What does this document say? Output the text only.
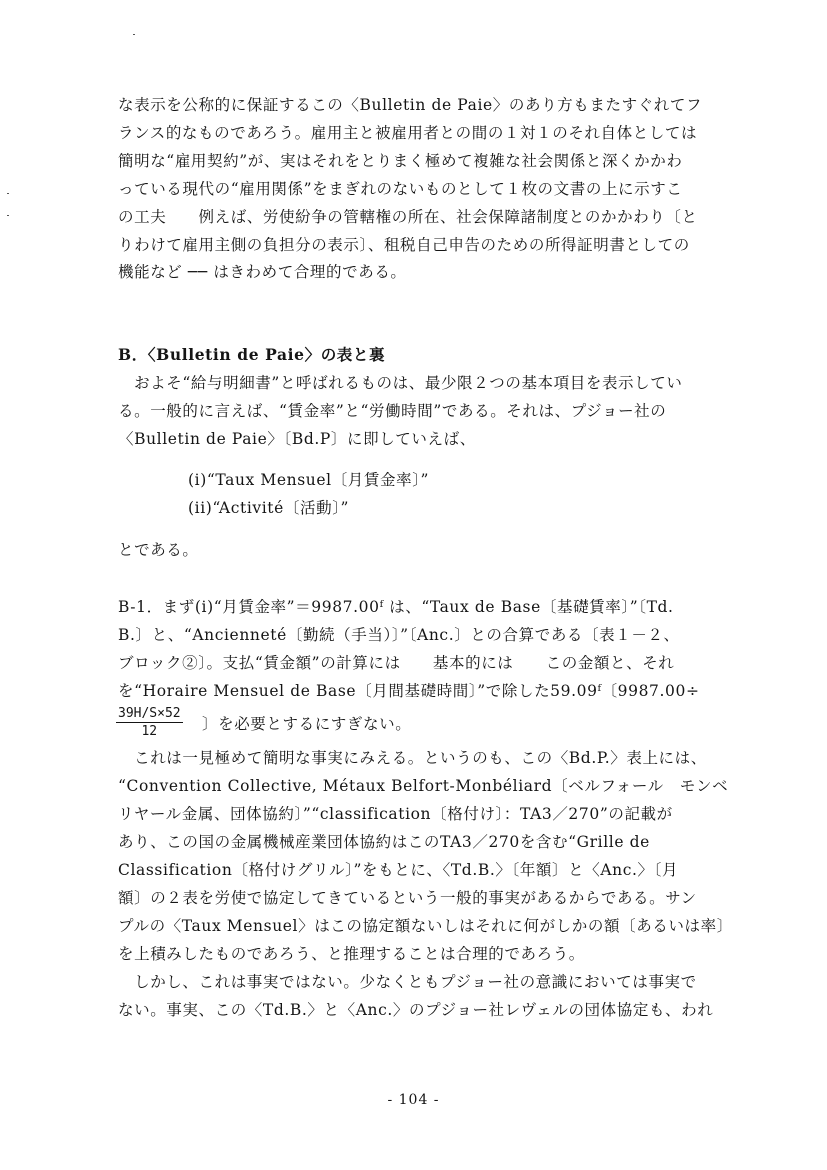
な表示を公称的に保証するこの〈Bulletin de Paie〉のあり方もまたすぐれてフ
ランス的なものであろう。雇用主と被雇用者との間の１対１のそれ自体としては
簡明な“雇用契約”が、実はそれをとりまく極めて複雑な社会関係と深くかかわ
っている現代の“雇用関係”をまぎれのないものとして１枚の文書の上に示すこ
の工夫　　例えば、労使紛争の管轄権の所在、社会保障諸制度とのかかわり〔と
りわけて雇用主側の負担分の表示〕、租税自己申告のための所得証明書としての
機能など ── はきわめて合理的である。
B．〈Bulletin de Paie〉の表と裏
　およそ“給与明細書”と呼ばれるものは、最少限２つの基本項目を表示してい
る。一般的に言えば、“賃金率”と“労働時間”である。それは、プジョー社の
〈Bulletin de Paie〉〔Bd.P〕に即していえば、
(i)“Taux Mensuel〔月賃金率〕”
(ii)“Activité〔活動〕”
とである。
B-1．まず(i)“月賃金率”＝9987.00ᶠ は、“Taux de Base〔基礎賃率〕”〔Td.
B.〕と、“Ancienneté〔勤続（手当）〕”〔Anc.〕との合算である〔表１－２、
ブロック②〕。支払“賃金額”の計算には　　基本的には　　この金額と、それ
を“Horaire Mensuel de Base〔月間基礎時間〕”で除した59.09ᶠ〔9987.00÷
$\frac{39H/S\times 52}{12}$ 〕を必要とするにすぎない。
　これは一見極めて簡明な事実にみえる。というのも、この〈Bd.P.〉表上には、
“Convention Collective, Métaux Belfort-Monbéliard〔ベルフォール　モンベ
リヤール金属、団体協約〕”“classification〔格付け〕：TA3／270”の記載が
あり、この国の金属機械産業団体協約はこのTA3／270を含む“Grille de
Classification〔格付けグリル〕”をもとに、〈Td.B.〉〔年額〕と〈Anc.〉〔月
額〕の２表を労使で協定してきているという一般的事実があるからである。サン
プルの〈Taux Mensuel〉はこの協定額ないしはそれに何がしかの額〔あるいは率〕
を上積みしたものであろう、と推理することは合理的であろう。
　しかし、これは事実ではない。少なくともプジョー社の意識においては事実で
ない。事実、この〈Td.B.〉と〈Anc.〉のプジョー社レヴェルの団体協定も、われ
- 104 -
